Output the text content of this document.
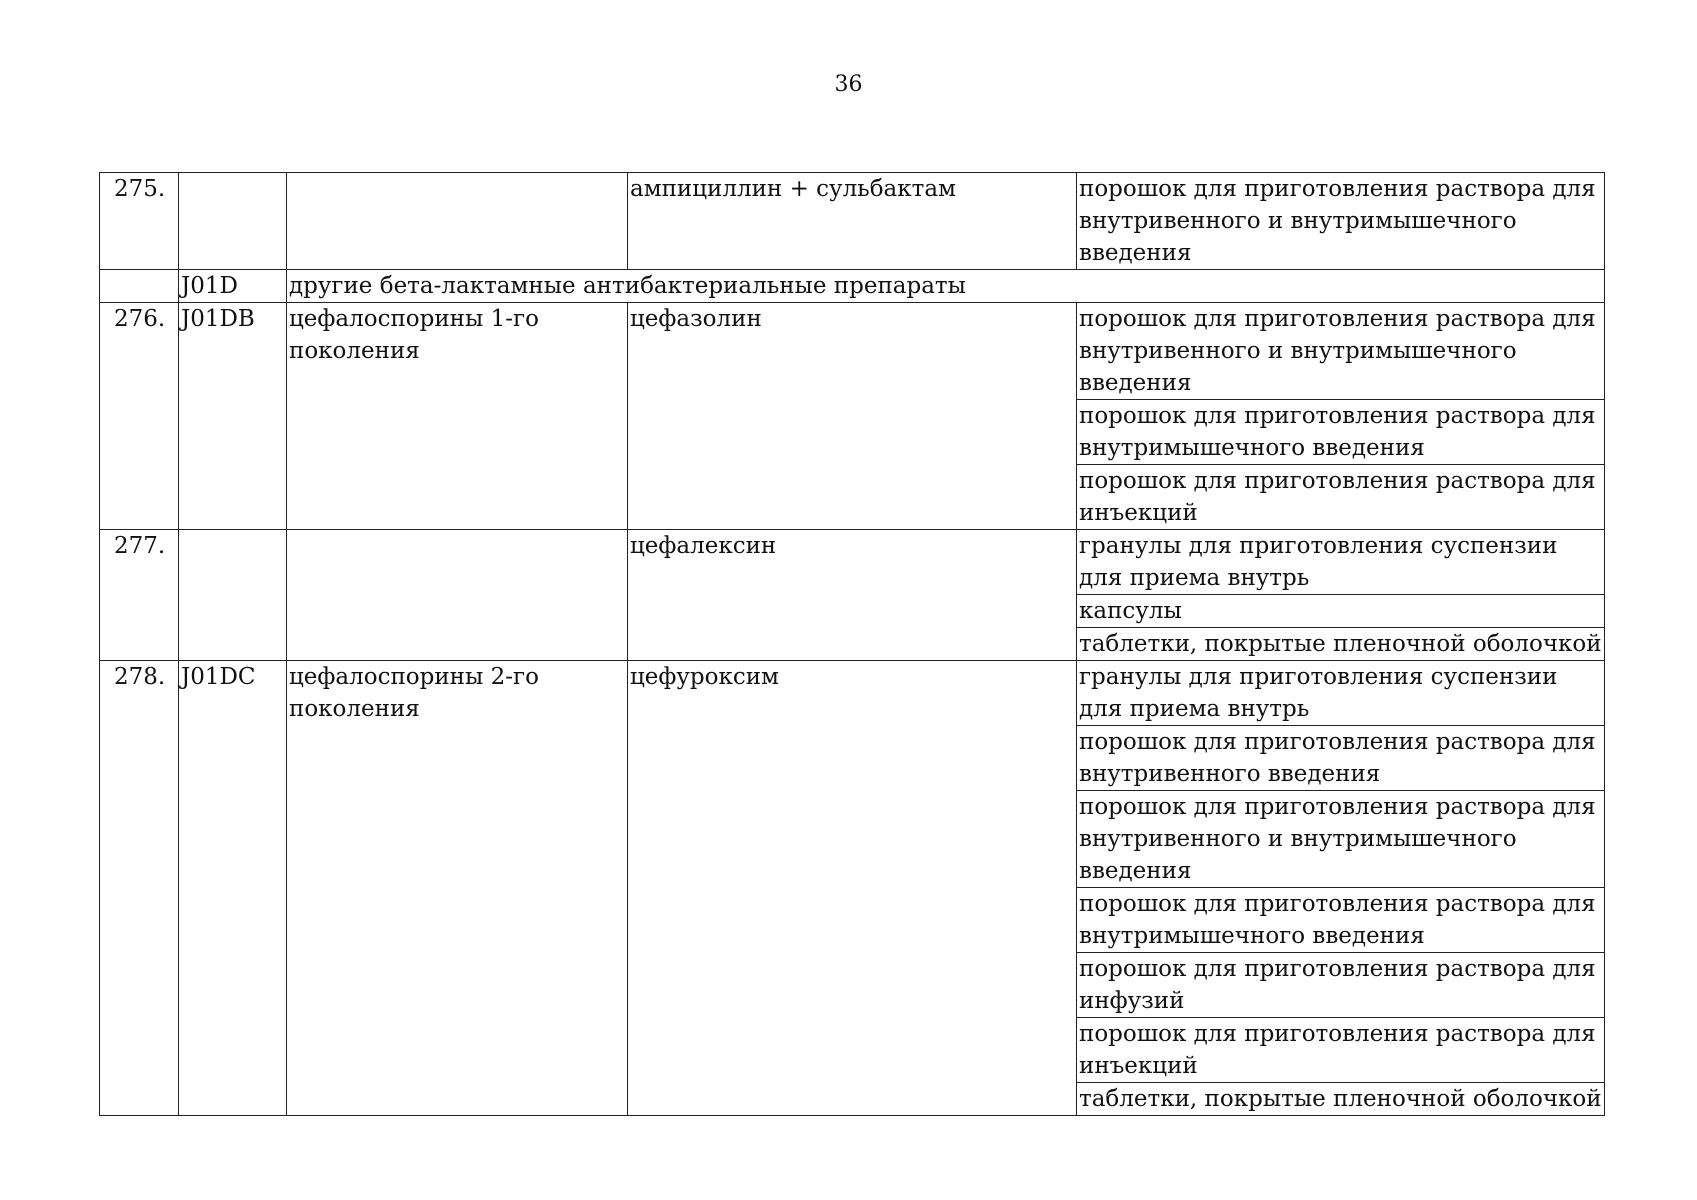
36
275.			ампициллин + сульбактам	порошок для приготовления раствора для внутривенного и внутримышечного введения
	J01D	другие бета-лактамные антибактериальные препараты		
276.	J01DB	цефалоспорины 1-го поколения	цефазолин	порошок для приготовления раствора для внутривенного и внутримышечного введения
				порошок для приготовления раствора для внутримышечного введения
				порошок для приготовления раствора для инъекций
277.			цефалексин	гранулы для приготовления суспензии для приема внутрь
				капсулы
				таблетки, покрытые пленочной оболочкой
278.	J01DC	цефалоспорины 2-го поколения	цефуроксим	гранулы для приготовления суспензии для приема внутрь
				порошок для приготовления раствора для внутривенного введения
				порошок для приготовления раствора для внутривенного и внутримышечного введения
				порошок для приготовления раствора для внутримышечного введения
				порошок для приготовления раствора для инфузий
				порошок для приготовления раствора для инъекций
				таблетки, покрытые пленочной оболочкой
